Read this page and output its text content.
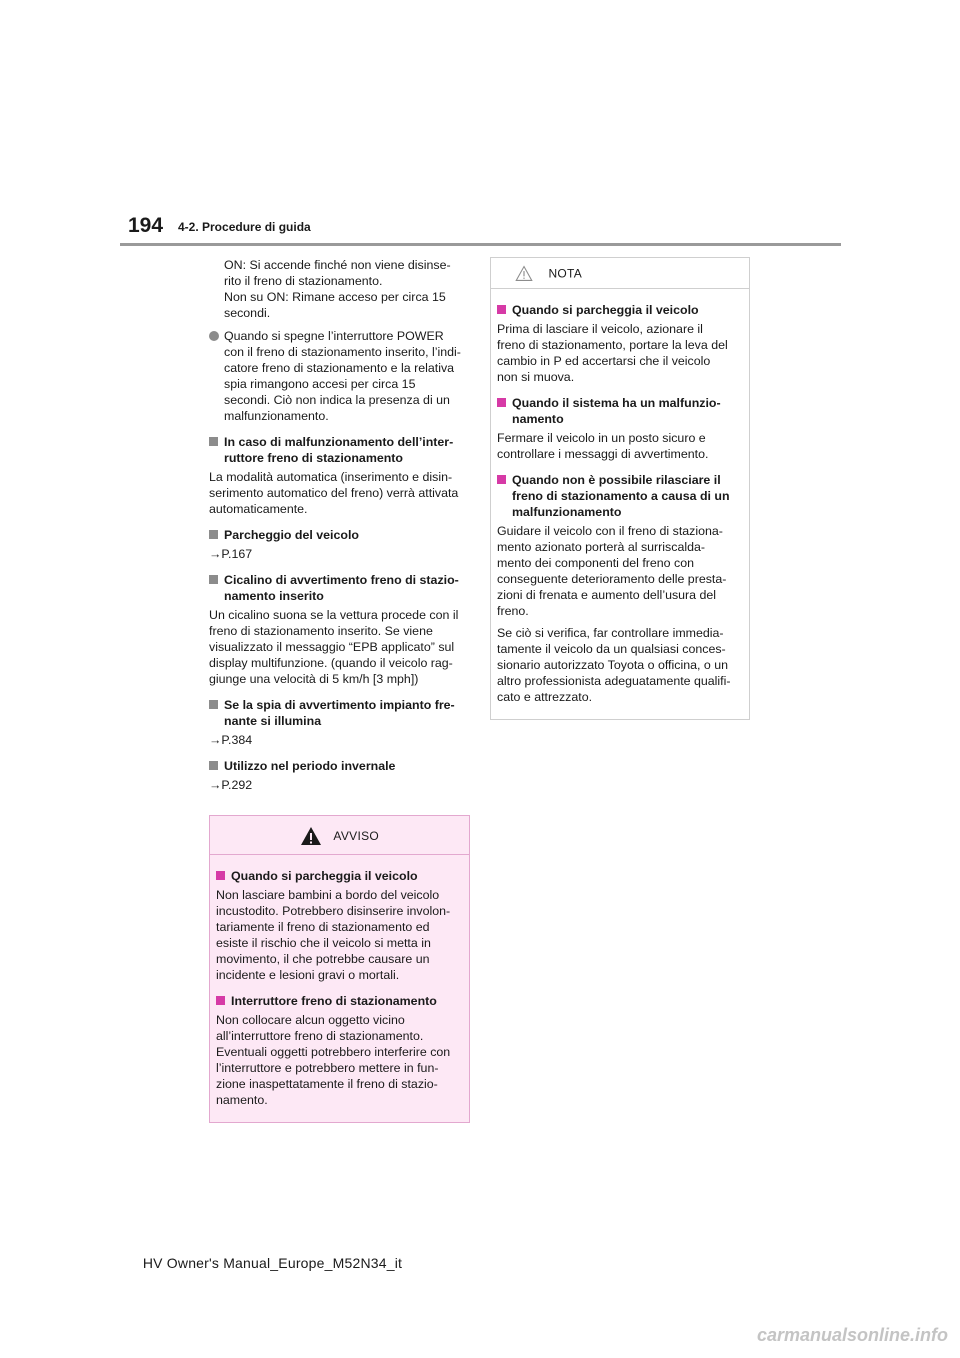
194 4-2. Procedure di guida
ON: Si accende finché non viene disinse-
rito il freno di stazionamento.
Non su ON: Rimane acceso per circa 15
secondi.
Quando si spegne l’interruttore POWER
con il freno di stazionamento inserito, l’indi-
catore freno di stazionamento e la relativa
spia rimangono accesi per circa 15
secondi. Ciò non indica la presenza di un
malfunzionamento.
In caso di malfunzionamento dell’inter-
ruttore freno di stazionamento
La modalità automatica (inserimento e disin-
serimento automatico del freno) verrà attivata
automaticamente.
Parcheggio del veicolo
→P.167
Cicalino di avvertimento freno di stazio-
namento inserito
Un cicalino suona se la vettura procede con il
freno di stazionamento inserito. Se viene
visualizzato il messaggio “EPB applicato” sul
display multifunzione. (quando il veicolo rag-
giunge una velocità di 5 km/h [3 mph])
Se la spia di avvertimento impianto fre-
nante si illumina
→P.384
Utilizzo nel periodo invernale
→P.292
AVVISO
Quando si parcheggia il veicolo
Non lasciare bambini a bordo del veicolo
incustodito. Potrebbero disinserire involon-
tariamente il freno di stazionamento ed
esiste il rischio che il veicolo si metta in
movimento, il che potrebbe causare un
incidente e lesioni gravi o mortali.
Interruttore freno di stazionamento
Non collocare alcun oggetto vicino
all’interruttore freno di stazionamento.
Eventuali oggetti potrebbero interferire con
l’interruttore e potrebbero mettere in fun-
zione inaspettatamente il freno di stazio-
namento.
NOTA
Quando si parcheggia il veicolo
Prima di lasciare il veicolo, azionare il
freno di stazionamento, portare la leva del
cambio in P ed accertarsi che il veicolo
non si muova.
Quando il sistema ha un malfunzio-
namento
Fermare il veicolo in un posto sicuro e
controllare i messaggi di avvertimento.
Quando non è possibile rilasciare il
freno di stazionamento a causa di un
malfunzionamento
Guidare il veicolo con il freno di staziona-
mento azionato porterà al surriscalda-
mento dei componenti del freno con
conseguente deterioramento delle presta-
zioni di frenata e aumento dell’usura del
freno.
Se ciò si verifica, far controllare immedia-
tamente il veicolo da un qualsiasi conces-
sionario autorizzato Toyota o officina, o un
altro professionista adeguatamente qualifi-
cato e attrezzato.
HV Owner's Manual_Europe_M52N34_it
carmanualsonline.info
